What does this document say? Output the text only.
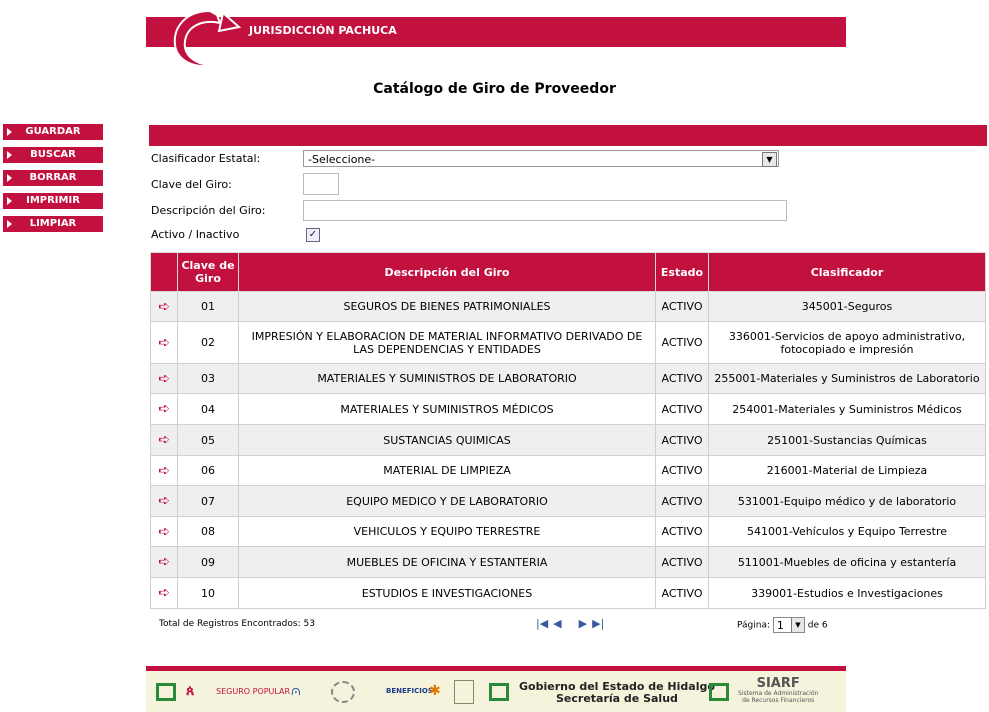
JURISDICCIÓN PACHUCA
Catálogo de Giro de Proveedor
GUARDAR
BUSCAR
BORRAR
IMPRIMIR
LIMPIAR
Clasificador Estatal:	-Seleccione-	▼
Clave del Giro:
Descripción del Giro:
Activo / Inactivo	✓
	Clave de Giro	Descripción del Giro	Estado	Clasificador
➪	01	SEGUROS DE BIENES PATRIMONIALES	ACTIVO	345001-Seguros
➪	02	IMPRESIÓN Y ELABORACION DE MATERIAL INFORMATIVO DERIVADO DE LAS DEPENDENCIAS Y ENTIDADES	ACTIVO	336001-Servicios de apoyo administrativo, fotocopiado e impresión
➪	03	MATERIALES Y SUMINISTROS DE LABORATORIO	ACTIVO	255001-Materiales y Suministros de Laboratorio
➪	04	MATERIALES Y SUMINISTROS MÉDICOS	ACTIVO	254001-Materiales y Suministros Médicos
➪	05	SUSTANCIAS QUIMICAS	ACTIVO	251001-Sustancias Químicas
➪	06	MATERIAL DE LIMPIEZA	ACTIVO	216001-Material de Limpieza
➪	07	EQUIPO MEDICO Y DE LABORATORIO	ACTIVO	531001-Equipo médico y de laboratorio
➪	08	VEHICULOS Y EQUIPO TERRESTRE	ACTIVO	541001-Vehículos y Equipo Terrestre
➪	09	MUEBLES DE OFICINA Y ESTANTERIA	ACTIVO	511001-Muebles de oficina y estantería
➪	10	ESTUDIOS E INVESTIGACIONES	ACTIVO	339001-Estudios e Investigaciones
Total de Registros Encontrados: 53	|◀ ◀ ▶ ▶|	Página: 1	▼ de 6
ጰ	SEGURO POPULAR ⩀	BENEFICIOS
✱	Gobierno del Estado de Hidalgo
Secretaría de Salud
SIARF
Sistema de Administración
de Recursos Financieros
